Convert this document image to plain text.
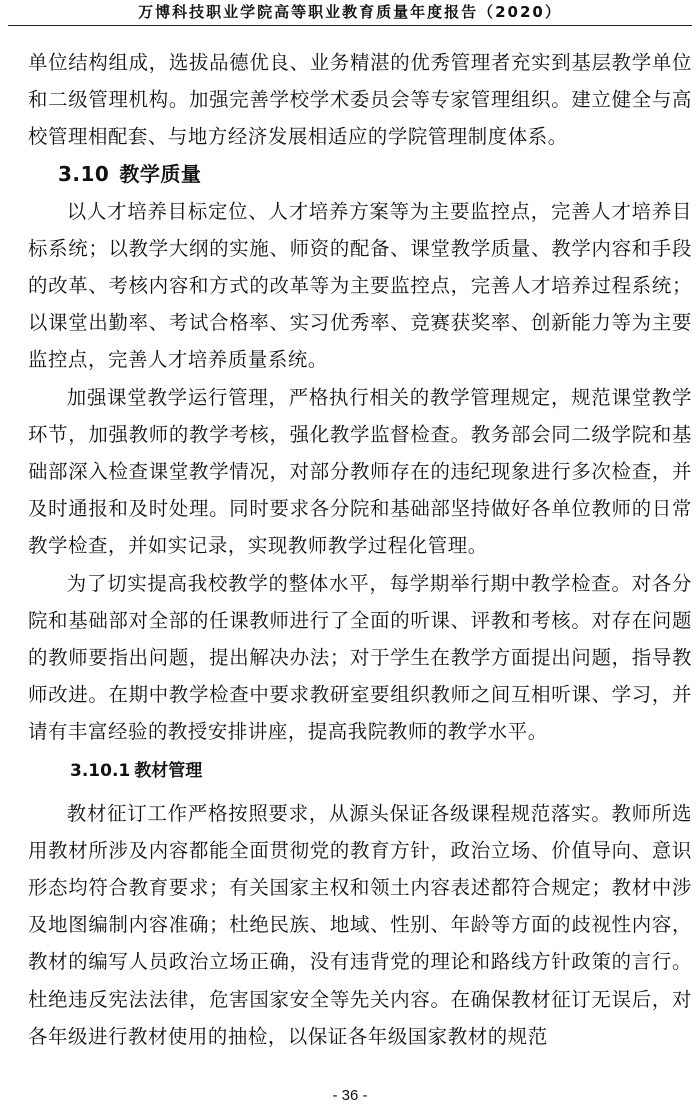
万博科技职业学院高等职业教育质量年度报告（2020）

单位结构组成，选拔品德优良、业务精湛的优秀管理者充实到基层教学单位和二级管理机构。加强完善学校学术委员会等专家管理组织。建立健全与高校管理相配套、与地方经济发展相适应的学院管理制度体系。

3.10 教学质量

以人才培养目标定位、人才培养方案等为主要监控点，完善人才培养目标系统；以教学大纲的实施、师资的配备、课堂教学质量、教学内容和手段的改革、考核内容和方式的改革等为主要监控点，完善人才培养过程系统；以课堂出勤率、考试合格率、实习优秀率、竞赛获奖率、创新能力等为主要监控点，完善人才培养质量系统。

加强课堂教学运行管理，严格执行相关的教学管理规定，规范课堂教学环节，加强教师的教学考核，强化教学监督检查。教务部会同二级学院和基础部深入检查课堂教学情况，对部分教师存在的违纪现象进行多次检查，并及时通报和及时处理。同时要求各分院和基础部坚持做好各单位教师的日常教学检查，并如实记录，实现教师教学过程化管理。

为了切实提高我校教学的整体水平，每学期举行期中教学检查。对各分院和基础部对全部的任课教师进行了全面的听课、评教和考核。对存在问题的教师要指出问题，提出解决办法；对于学生在教学方面提出问题，指导教师改进。在期中教学检查中要求教研室要组织教师之间互相听课、学习，并请有丰富经验的教授安排讲座，提高我院教师的教学水平。

3.10.1 教材管理

教材征订工作严格按照要求，从源头保证各级课程规范落实。教师所选用教材所涉及内容都能全面贯彻党的教育方针，政治立场、价值导向、意识形态均符合教育要求；有关国家主权和领土内容表述都符合规定；教材中涉及地图编制内容准确；杜绝民族、地域、性别、年龄等方面的歧视性内容，教材的编写人员政治立场正确，没有违背党的理论和路线方针政策的言行。杜绝违反宪法法律，危害国家安全等先关内容。在确保教材征订无误后，对各年级进行教材使用的抽检，以保证各年级国家教材的规范

- 36 -
